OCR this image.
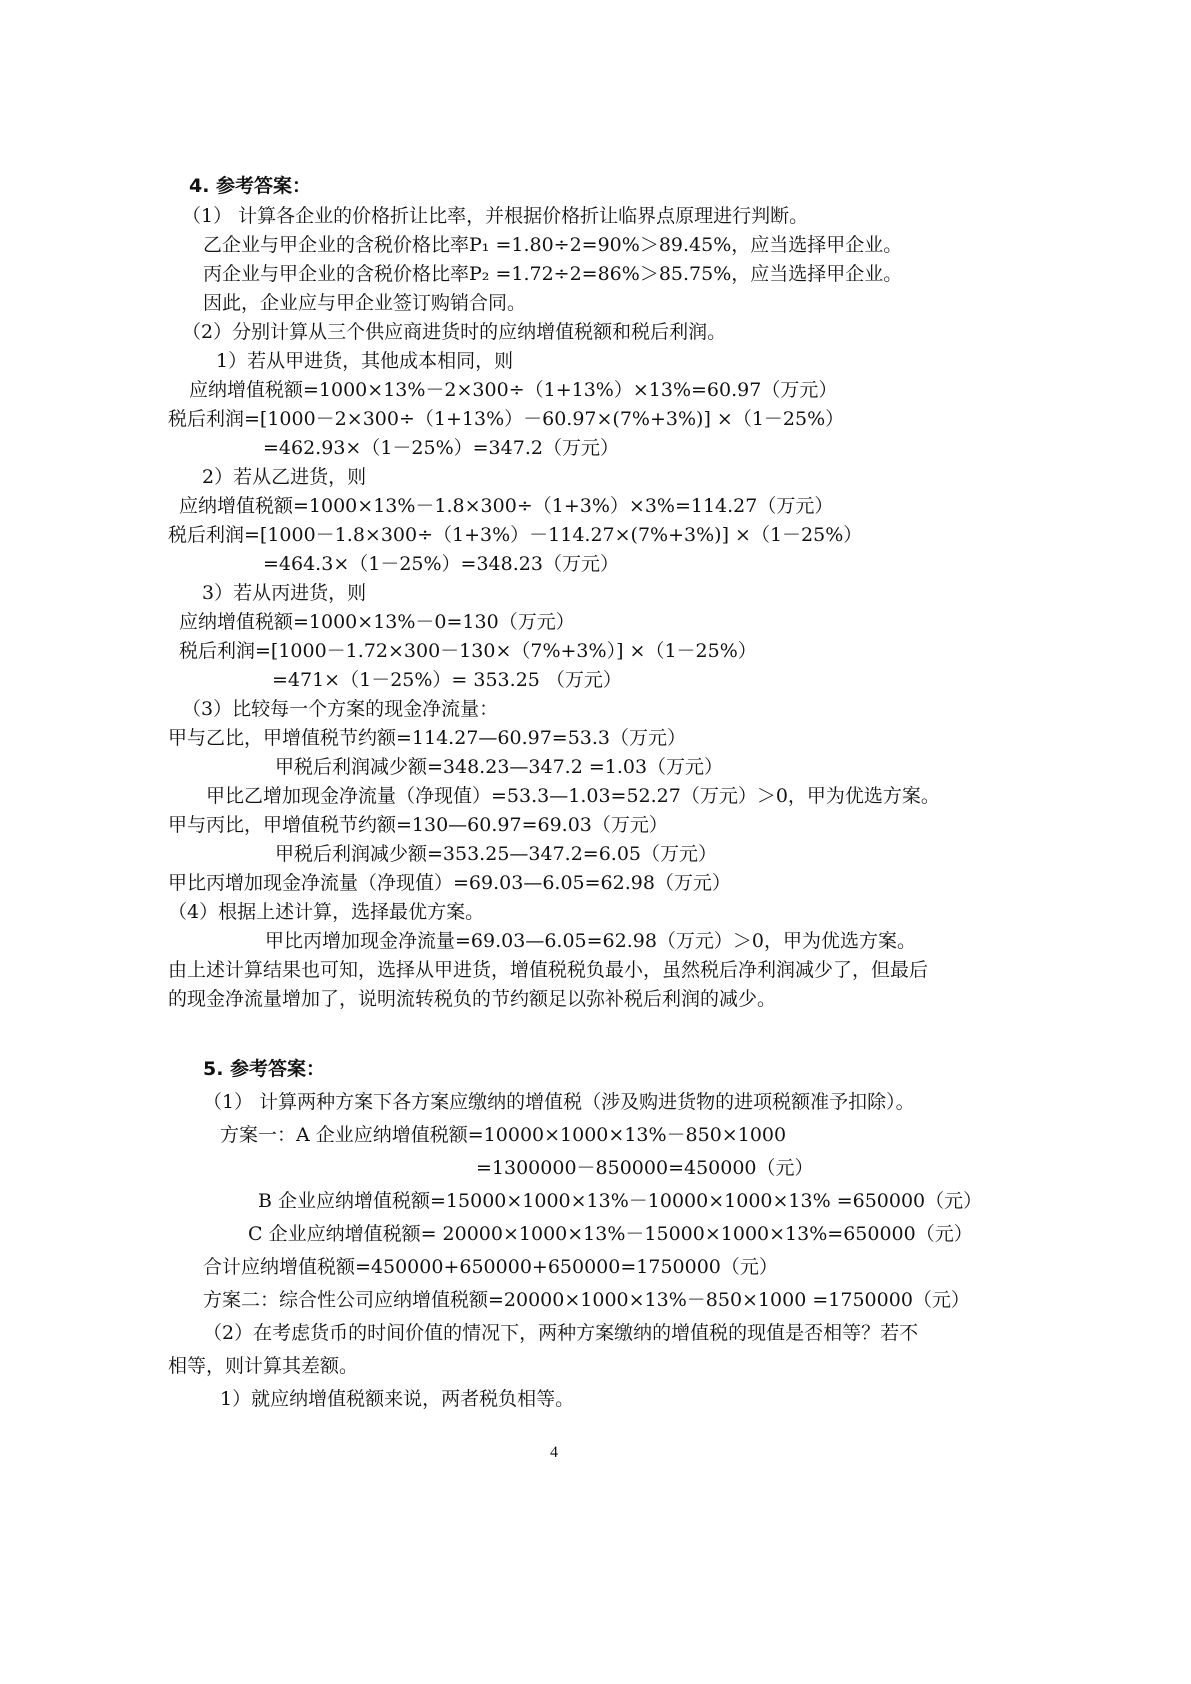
4. 参考答案：
（1） 计算各企业的价格折让比率，并根据价格折让临界点原理进行判断。
乙企业与甲企业的含税价格比率P₁ =1.80÷2=90%＞89.45%，应当选择甲企业。
丙企业与甲企业的含税价格比率P₂ =1.72÷2=86%＞85.75%，应当选择甲企业。
因此，企业应与甲企业签订购销合同。
（2）分别计算从三个供应商进货时的应纳增值税额和税后利润。
1）若从甲进货，其他成本相同，则
应纳增值税额=1000×13%－2×300÷（1+13%）×13%=60.97（万元）
税后利润=[1000－2×300÷（1+13%）－60.97×(7%+3%)] ×（1－25%）
=462.93×（1－25%）=347.2（万元）
2）若从乙进货，则
应纳增值税额=1000×13%－1.8×300÷（1+3%）×3%=114.27（万元）
税后利润=[1000－1.8×300÷（1+3%）－114.27×(7%+3%)] ×（1－25%）
=464.3×（1－25%）=348.23（万元）
3）若从丙进货，则
应纳增值税额=1000×13%－0=130（万元）
税后利润=[1000－1.72×300－130×（7%+3%）] ×（1－25%）
=471×（1－25%）= 353.25 （万元）
（3）比较每一个方案的现金净流量：
甲与乙比，甲增值税节约额=114.27—60.97=53.3（万元）
甲税后利润减少额=348.23—347.2 =1.03（万元）
甲比乙增加现金净流量（净现值）=53.3—1.03=52.27（万元）＞0，甲为优选方案。
甲与丙比，甲增值税节约额=130—60.97=69.03（万元）
甲税后利润减少额=353.25—347.2=6.05（万元）
甲比丙增加现金净流量（净现值）=69.03—6.05=62.98（万元）
（4）根据上述计算，选择最优方案。
甲比丙增加现金净流量=69.03—6.05=62.98（万元）＞0，甲为优选方案。
由上述计算结果也可知，选择从甲进货，增值税税负最小，虽然税后净利润减少了，但最后
的现金净流量增加了，说明流转税负的节约额足以弥补税后利润的减少。
5. 参考答案：
（1） 计算两种方案下各方案应缴纳的增值税（涉及购进货物的进项税额准予扣除）。
方案一：A 企业应纳增值税额=10000×1000×13%－850×1000
=1300000－850000=450000（元）
B 企业应纳增值税额=15000×1000×13%－10000×1000×13% =650000（元）
C 企业应纳增值税额= 20000×1000×13%－15000×1000×13%=650000（元）
合计应纳增值税额=450000+650000+650000=1750000（元）
方案二：综合性公司应纳增值税额=20000×1000×13%－850×1000 =1750000（元）
（2）在考虑货币的时间价值的情况下，两种方案缴纳的增值税的现值是否相等？若不
相等，则计算其差额。
1）就应纳增值税额来说，两者税负相等。
4
